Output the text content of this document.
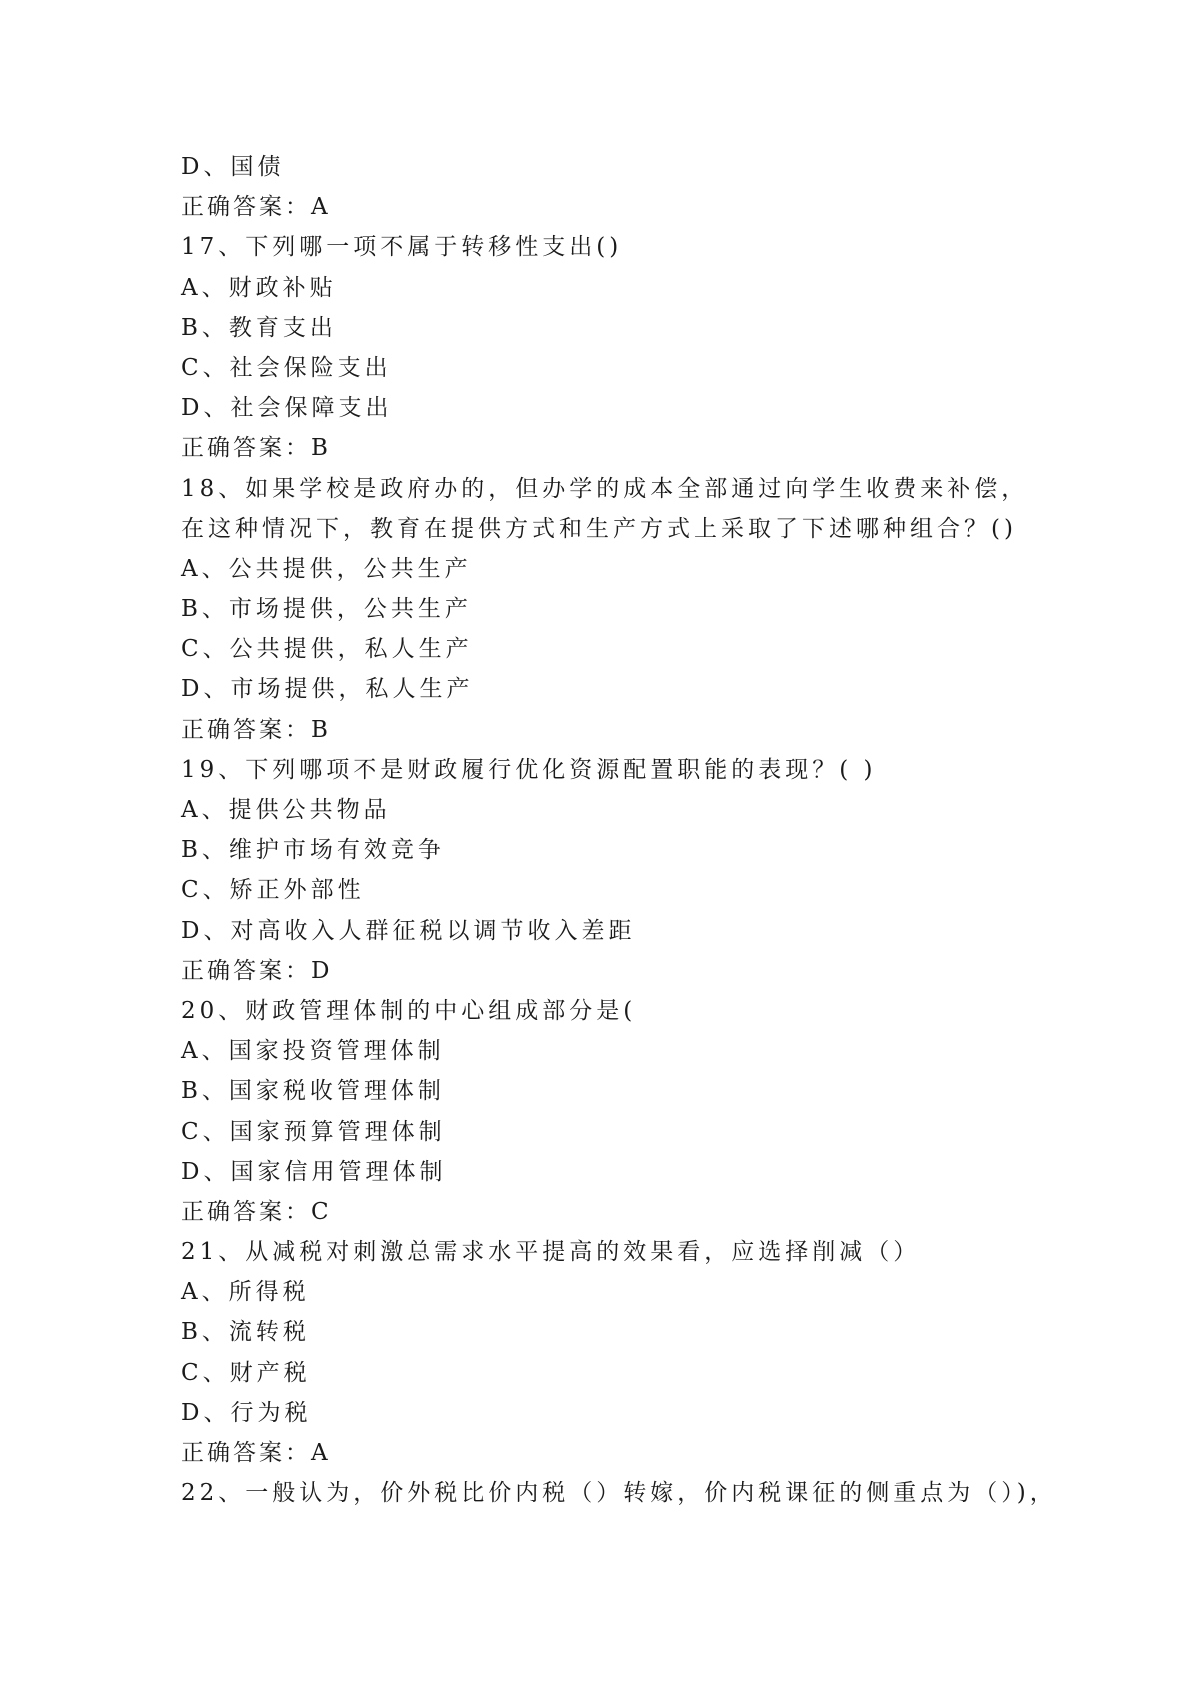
D、国债
正确答案：A
17、下列哪一项不属于转移性支出()
A、财政补贴
B、教育支出
C、社会保险支出
D、社会保障支出
正确答案：B
18、如果学校是政府办的，但办学的成本全部通过向学生收费来补偿，
在这种情况下，教育在提供方式和生产方式上采取了下述哪种组合？()
A、公共提供，公共生产
B、市场提供，公共生产
C、公共提供，私人生产
D、市场提供，私人生产
正确答案：B
19、下列哪项不是财政履行优化资源配置职能的表现？( )
A、提供公共物品
B、维护市场有效竞争
C、矫正外部性
D、对高收入人群征税以调节收入差距
正确答案：D
20、财政管理体制的中心组成部分是(
A、国家投资管理体制
B、国家税收管理体制
C、国家预算管理体制
D、国家信用管理体制
正确答案：C
21、从减税对刺激总需求水平提高的效果看，应选择削减（）
A、所得税
B、流转税
C、财产税
D、行为税
正确答案：A
22、一般认为，价外税比价内税（）转嫁，价内税课征的侧重点为（）)，
